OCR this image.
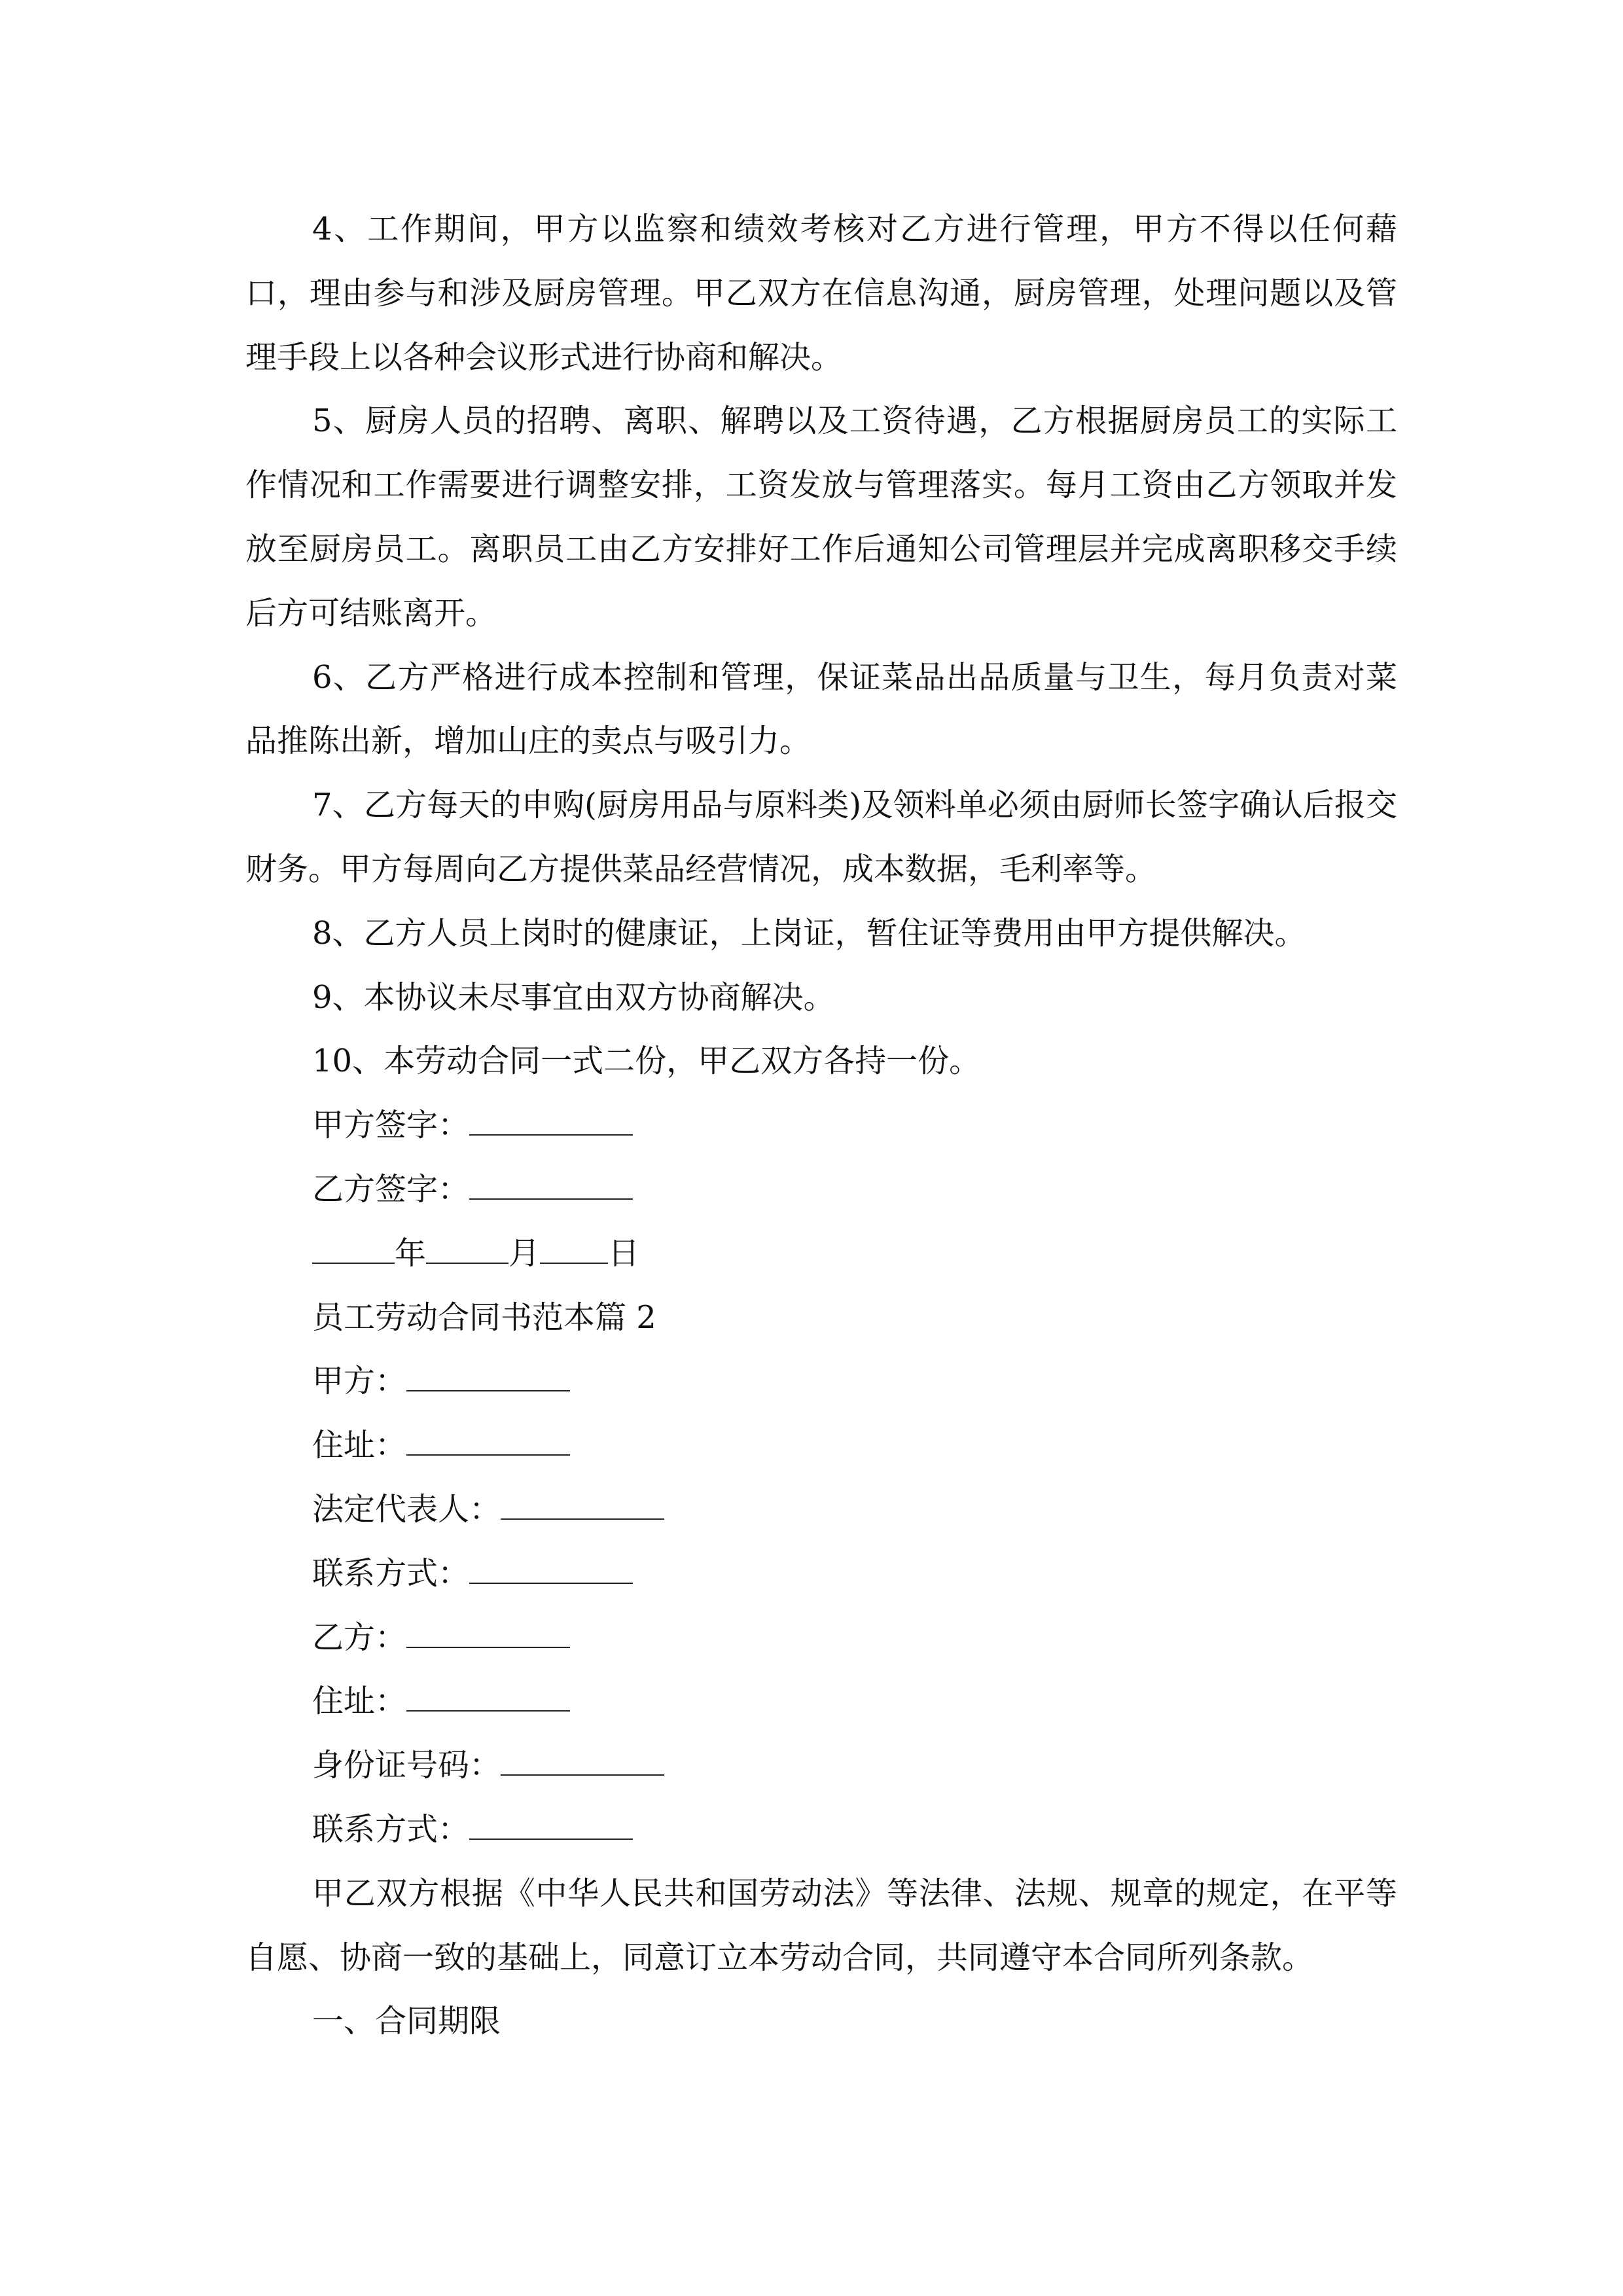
4、工作期间，甲方以监察和绩效考核对乙方进行管理，甲方不得以任何藉口，理由参与和涉及厨房管理。甲乙双方在信息沟通，厨房管理，处理问题以及管理手段上以各种会议形式进行协商和解决。

5、厨房人员的招聘、离职、解聘以及工资待遇，乙方根据厨房员工的实际工作情况和工作需要进行调整安排，工资发放与管理落实。每月工资由乙方领取并发放至厨房员工。离职员工由乙方安排好工作后通知公司管理层并完成离职移交手续后方可结账离开。

6、乙方严格进行成本控制和管理，保证菜品出品质量与卫生，每月负责对菜品推陈出新，增加山庄的卖点与吸引力。

7、乙方每天的申购(厨房用品与原料类)及领料单必须由厨师长签字确认后报交财务。甲方每周向乙方提供菜品经营情况，成本数据，毛利率等。

8、乙方人员上岗时的健康证，上岗证，暂住证等费用由甲方提供解决。

9、本协议未尽事宜由双方协商解决。

10、本劳动合同一式二份，甲乙双方各持一份。

甲方签字：

乙方签字：

年	月 日

员工劳动合同书范本篇 2

甲方：

住址：

法定代表人：

联系方式：

乙方：

住址：

身份证号码：

联系方式：

甲乙双方根据《中华人民共和国劳动法》等法律、法规、规章的规定，在平等自愿、协商一致的基础上，同意订立本劳动合同，共同遵守本合同所列条款。

一、合同期限
